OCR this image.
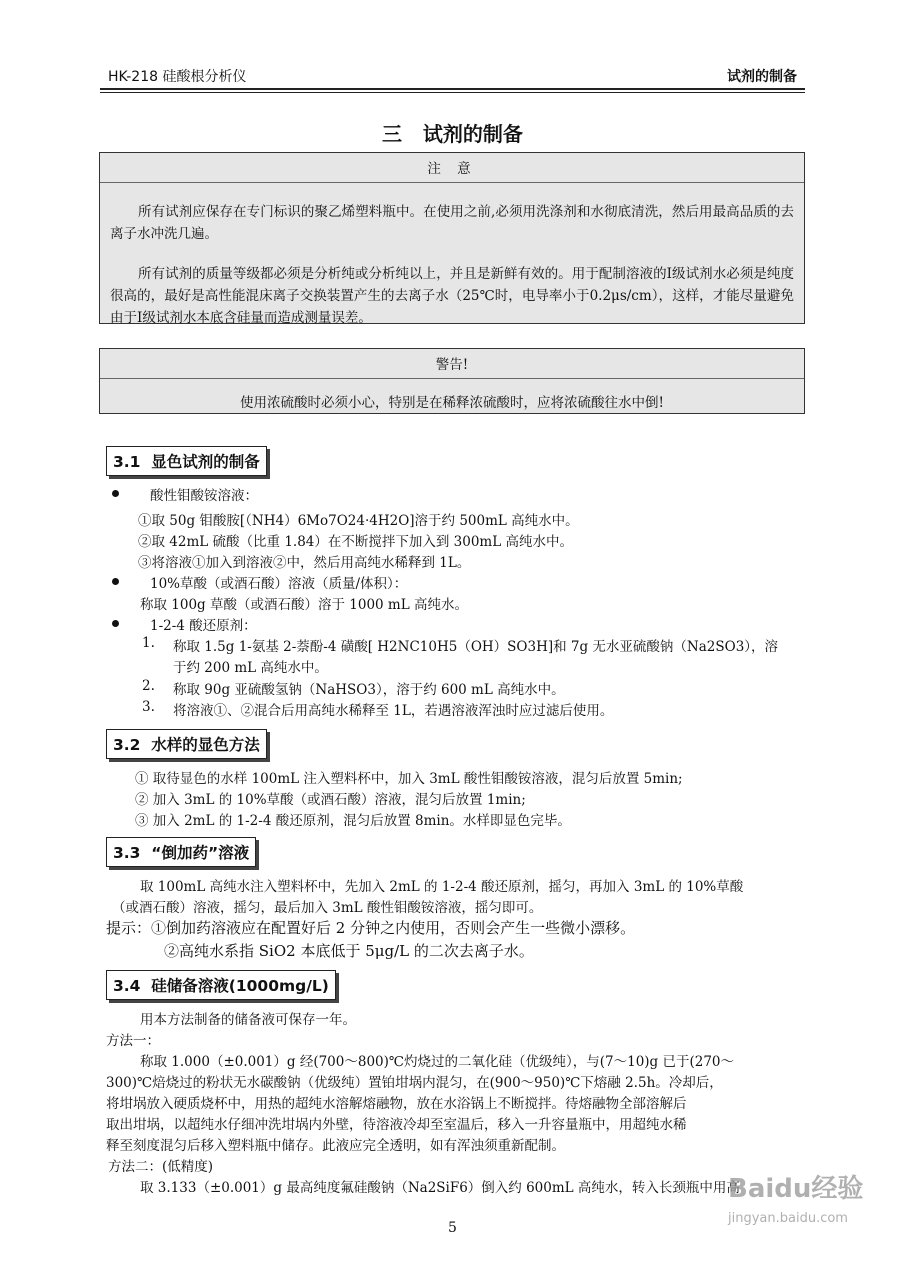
HK-218 硅酸根分析仪	试剂的制备
三   试剂的制备
注 意

所有试剂应保存在专门标识的聚乙烯塑料瓶中。在使用之前,必须用洗涤剂和水彻底清洗，然后用最高品质的去离子水冲洗几遍。

所有试剂的质量等级都必须是分析纯或分析纯以上，并且是新鲜有效的。用于配制溶液的Ⅰ级试剂水必须是纯度很高的，最好是高性能混床离子交换装置产生的去离子水（25℃时，电导率小于0.2μs/cm），这样，才能尽量避免由于Ⅰ级试剂水本底含硅量而造成测量误差。

警告!
使用浓硫酸时必须小心，特别是在稀释浓硫酸时，应将浓硫酸往水中倒!
3.1  显色试剂的制备
酸性钼酸铵溶液：
①取 50g 钼酸胺[（NH4）6Mo7O24·4H2O]溶于约 500mL 高纯水中。
②取 42mL 硫酸（比重 1.84）在不断搅拌下加入到 300mL 高纯水中。
③将溶液①加入到溶液②中，然后用高纯水稀释到 1L。
10%草酸（或酒石酸）溶液（质量/体积）：
称取 100g 草酸（或酒石酸）溶于 1000 mL 高纯水。
1-2-4 酸还原剂：
1. 称取 1.5g 1-氨基 2-萘酚-4 磺酸[ H2NC10H5（OH）SO3H]和 7g 无水亚硫酸钠（Na2SO3），溶
于约 200 mL 高纯水中。
2. 称取 90g 亚硫酸氢钠（NaHSO3），溶于约 600 mL 高纯水中。
3. 将溶液①、②混合后用高纯水稀释至 1L，若遇溶液浑浊时应过滤后使用。
3.2  水样的显色方法
① 取待显色的水样 100mL 注入塑料杯中，加入 3mL 酸性钼酸铵溶液，混匀后放置 5min;
② 加入 3mL 的 10%草酸（或酒石酸）溶液，混匀后放置 1min;
③ 加入 2mL 的 1-2-4 酸还原剂，混匀后放置 8min。水样即显色完毕。
3.3  “倒加药”溶液
取 100mL 高纯水注入塑料杯中，先加入 2mL 的 1-2-4 酸还原剂，摇匀，再加入 3mL 的 10%草酸
（或酒石酸）溶液，摇匀，最后加入 3mL 酸性钼酸铵溶液，摇匀即可。
提示：①倒加药溶液应在配置好后 2 分钟之内使用，否则会产生一些微小漂移。
②高纯水系指 SiO2 本底低于 5μg/L 的二次去离子水。
3.4  硅储备溶液(1000mg/L)
用本方法制备的储备液可保存一年。
方法一：
称取 1.000（±0.001）g 经(700～800)℃灼烧过的二氧化硅（优级纯），与(7～10)g 已于(270～
300)℃焙烧过的粉状无水碳酸钠（优级纯）置铂坩埚内混匀，在(900～950)℃下熔融 2.5h。冷却后，
将坩埚放入硬质烧杯中，用热的超纯水溶解熔融物，放在水浴锅上不断搅拌。待熔融物全部溶解后
取出坩埚，以超纯水仔细冲洗坩埚内外壁，待溶液冷却至室温后，移入一升容量瓶中，用超纯水稀
释至刻度混匀后移入塑料瓶中储存。此液应完全透明，如有浑浊须重新配制。
方法二：(低精度)
取 3.133（±0.001）g 最高纯度氟硅酸钠（Na2SiF6）倒入约 600mL 高纯水，转入长颈瓶中用高
5
Baidu经验
jingyan.baidu.com
